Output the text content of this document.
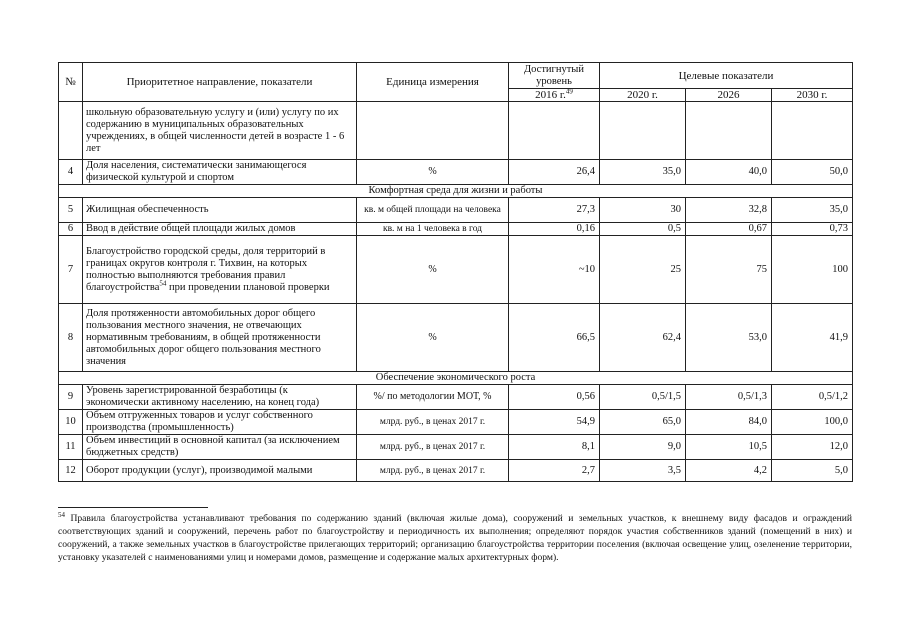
№	Приоритетное направление, показатели	Единица измерения	Достигнутый уровень	Целевые показатели		
			2016 г.$^{49}$	2020 г.	2026	2030 г.
	школьную образовательную услугу и (или) услугу по их содержанию в муниципальных образовательных учреждениях, в общей численности детей в возрасте 1 - 6 лет					
4	Доля населения, систематически занимающегося физической культурой и спортом	%	26,4	35,0	40,0	50,0
Комфортная среда для жизни и работы						
5	Жилищная обеспеченность	кв. м общей площади на человека	27,3	30	32,8	35,0
6	Ввод в действие общей площади жилых домов	кв. м на 1 человека в год	0,16	0,5	0,67	0,73
7	Благоустройство городской среды, доля территорий в границах округов контроля г. Тихвин, на которых полностью выполняются требования правил благоустройства$^{54}$ при проведении плановой проверки	%	~10	25	75	100
8	Доля протяженности автомобильных дорог общего пользования местного значения, не отвечающих нормативным требованиям, в общей протяженности автомобильных дорог общего пользования местного значения	%	66,5	62,4	53,0	41,9
Обеспечение экономического роста						
9	Уровень зарегистрированной безработицы (к экономически активному населению, на конец года)	%/ по методологии МОТ, %	0,56	0,5/1,5	0,5/1,3	0,5/1,2
10	Объем отгруженных товаров и услуг собственного производства (промышленность)	млрд. руб., в ценах 2017 г.	54,9	65,0	84,0	100,0
11	Объем инвестиций в основной капитал (за исключением бюджетных средств)	млрд. руб., в ценах 2017 г.	8,1	9,0	10,5	12,0
12	Оборот продукции (услуг), производимой малыми	млрд. руб., в ценах 2017 г.	2,7	3,5	4,2	5,0
$^{54}$ Правила благоустройства устанавливают требования по содержанию зданий (включая жилые дома), сооружений и земельных участков, к внешнему виду фасадов и ограждений соответствующих зданий и сооружений, перечень работ по благоустройству и периодичность их выполнения; определяют порядок участия собственников зданий (помещений в них) и сооружений, а также земельных участков в благоустройстве прилегающих территорий; организацию благоустройства территории поселения (включая освещение улиц, озеленение территории, установку указателей с наименованиями улиц и номерами домов, размещение и содержание малых архитектурных форм).
